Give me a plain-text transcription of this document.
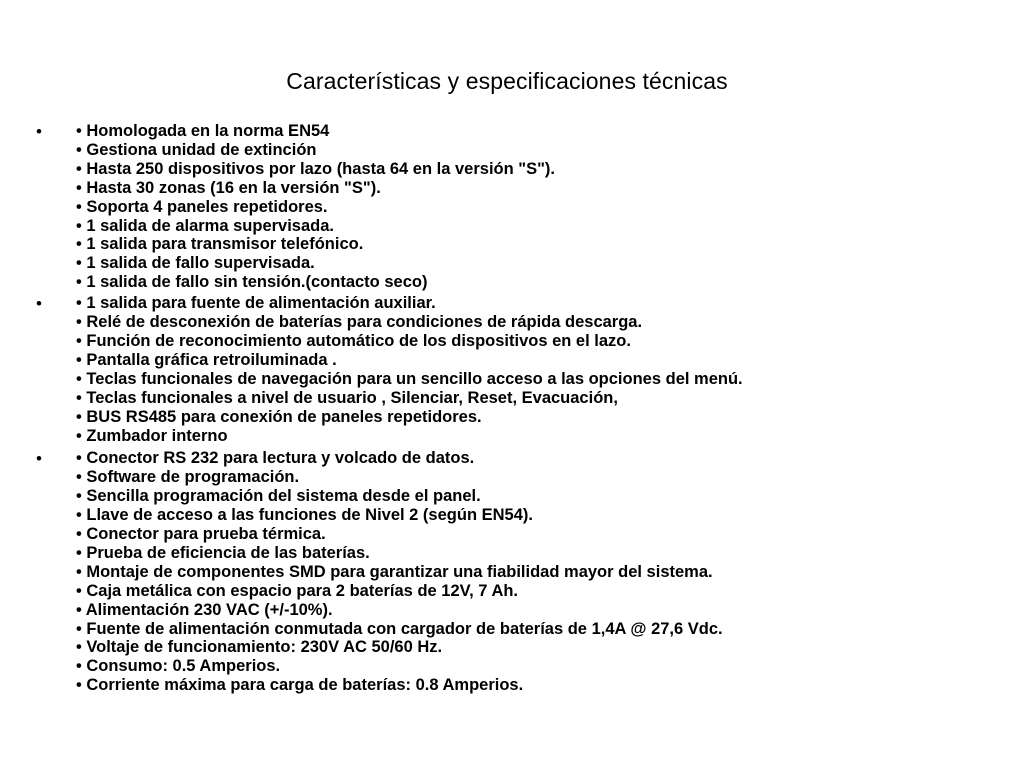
Características y especificaciones técnicas
• • Homologada en la norma EN54
• Gestiona unidad de extinción
• Hasta 250 dispositivos por lazo (hasta 64 en la versión "S").
• Hasta 30 zonas (16 en la versión "S").
• Soporta 4 paneles repetidores.
• 1 salida de alarma supervisada.
• 1 salida para transmisor telefónico.
• 1 salida de fallo supervisada.
• 1 salida de fallo sin tensión.(contacto seco)
• • 1 salida para fuente de alimentación auxiliar.
• Relé de desconexión de baterías para condiciones de rápida descarga.
• Función de reconocimiento automático de los dispositivos en el lazo.
• Pantalla gráfica retroiluminada .
• Teclas funcionales de navegación para un sencillo acceso a las opciones del menú.
• Teclas funcionales a nivel de usuario , Silenciar, Reset, Evacuación,
• BUS RS485 para conexión de paneles repetidores.
• Zumbador interno
• • Conector RS 232 para lectura y volcado de datos.
• Software de programación.
• Sencilla programación del sistema desde el panel.
• Llave de acceso a las funciones de Nivel 2 (según EN54).
• Conector para prueba térmica.
• Prueba de eficiencia de las baterías.
• Montaje de componentes SMD para garantizar una fiabilidad mayor del sistema.
• Caja metálica con espacio para 2 baterías de 12V, 7 Ah.
• Alimentación 230 VAC (+/-10%).
• Fuente de alimentación conmutada con cargador de baterías de 1,4A @ 27,6 Vdc.
• Voltaje de funcionamiento: 230V AC 50/60 Hz.
• Consumo: 0.5 Amperios.
• Corriente máxima para carga de baterías: 0.8 Amperios.
